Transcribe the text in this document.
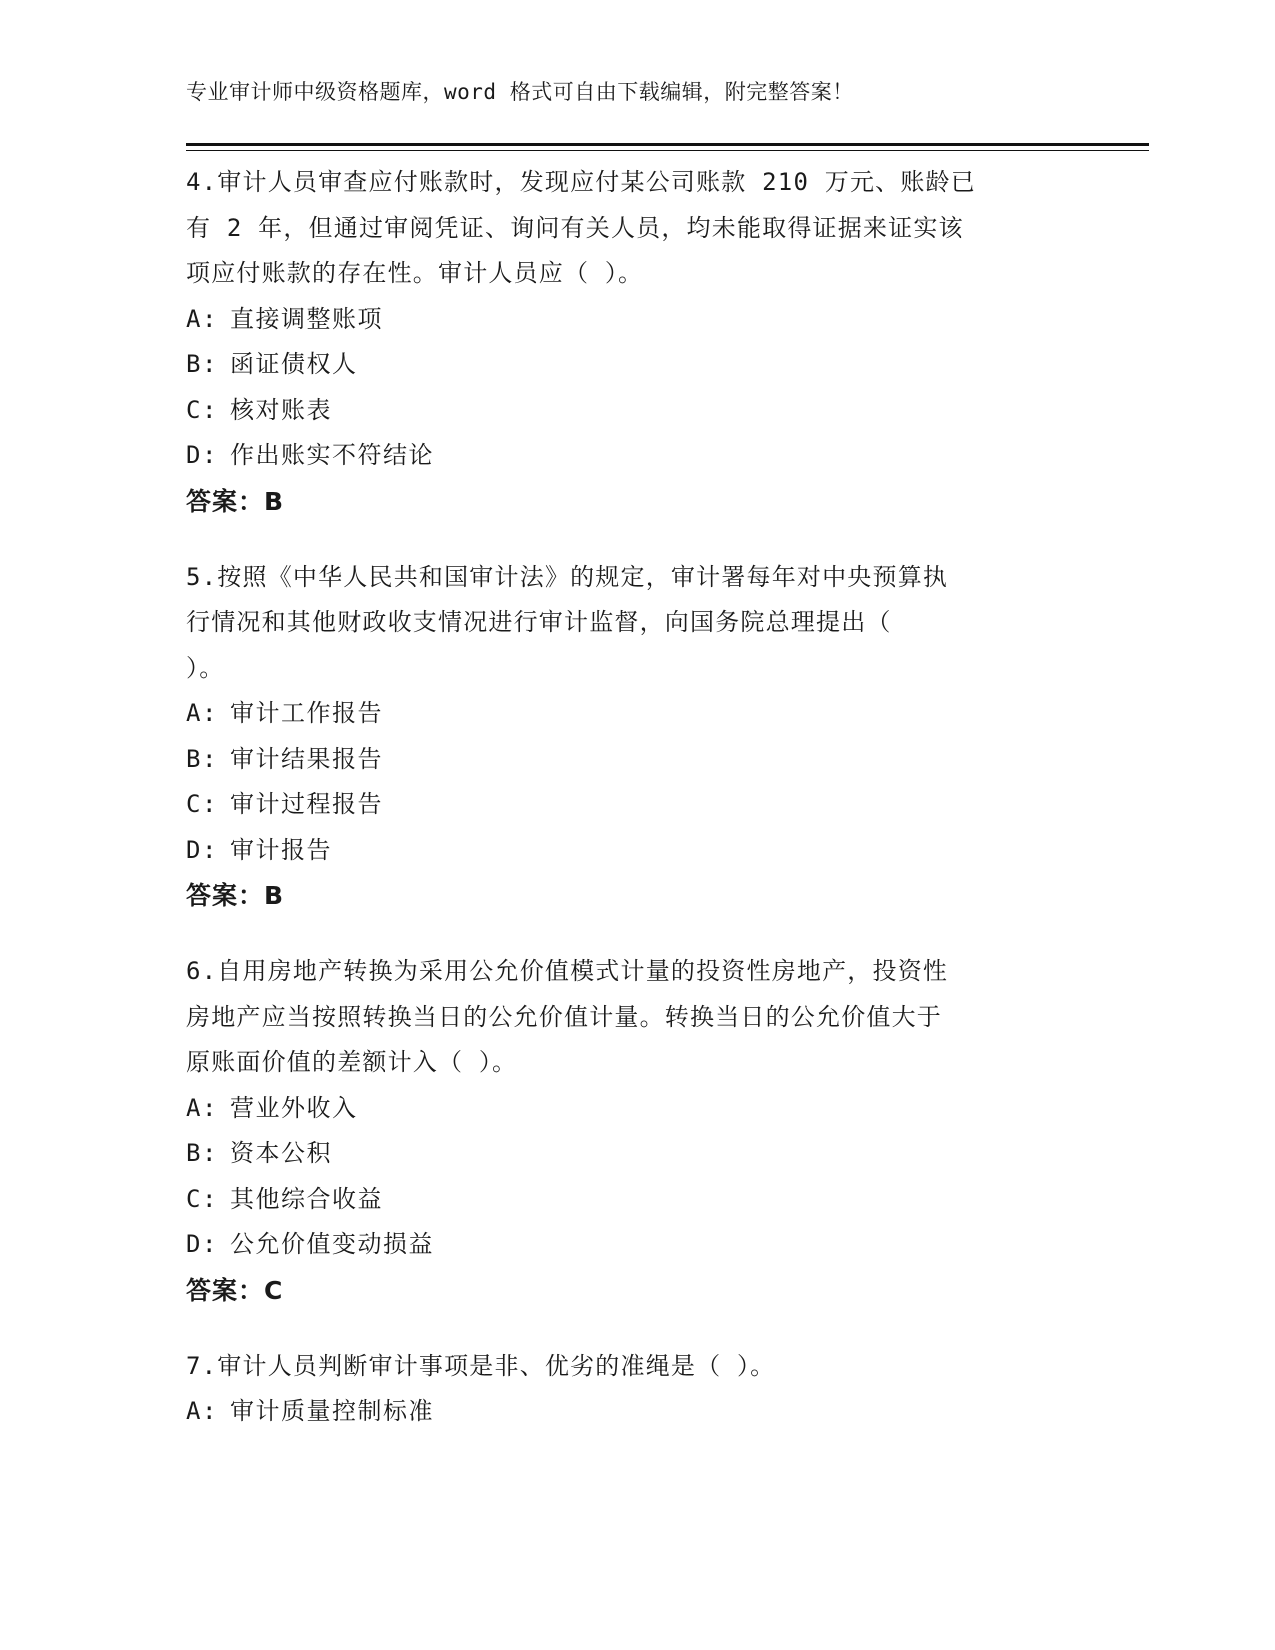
专业审计师中级资格题库，word 格式可自由下载编辑，附完整答案！
4.审计人员审查应付账款时，发现应付某公司账款 210 万元、账龄已
有 2 年，但通过审阅凭证、询问有关人员，均未能取得证据来证实该
项应付账款的存在性。审计人员应（ ）。
A: 直接调整账项
B: 函证债权人
C: 核对账表
D: 作出账实不符结论
答案：B
5.按照《中华人民共和国审计法》的规定，审计署每年对中央预算执
行情况和其他财政收支情况进行审计监督，向国务院总理提出（
）。
A: 审计工作报告
B: 审计结果报告
C: 审计过程报告
D: 审计报告
答案：B
6.自用房地产转换为采用公允价值模式计量的投资性房地产，投资性
房地产应当按照转换当日的公允价值计量。转换当日的公允价值大于
原账面价值的差额计入（ ）。
A: 营业外收入
B: 资本公积
C: 其他综合收益
D: 公允价值变动损益
答案：C
7.审计人员判断审计事项是非、优劣的准绳是（ ）。
A: 审计质量控制标准
